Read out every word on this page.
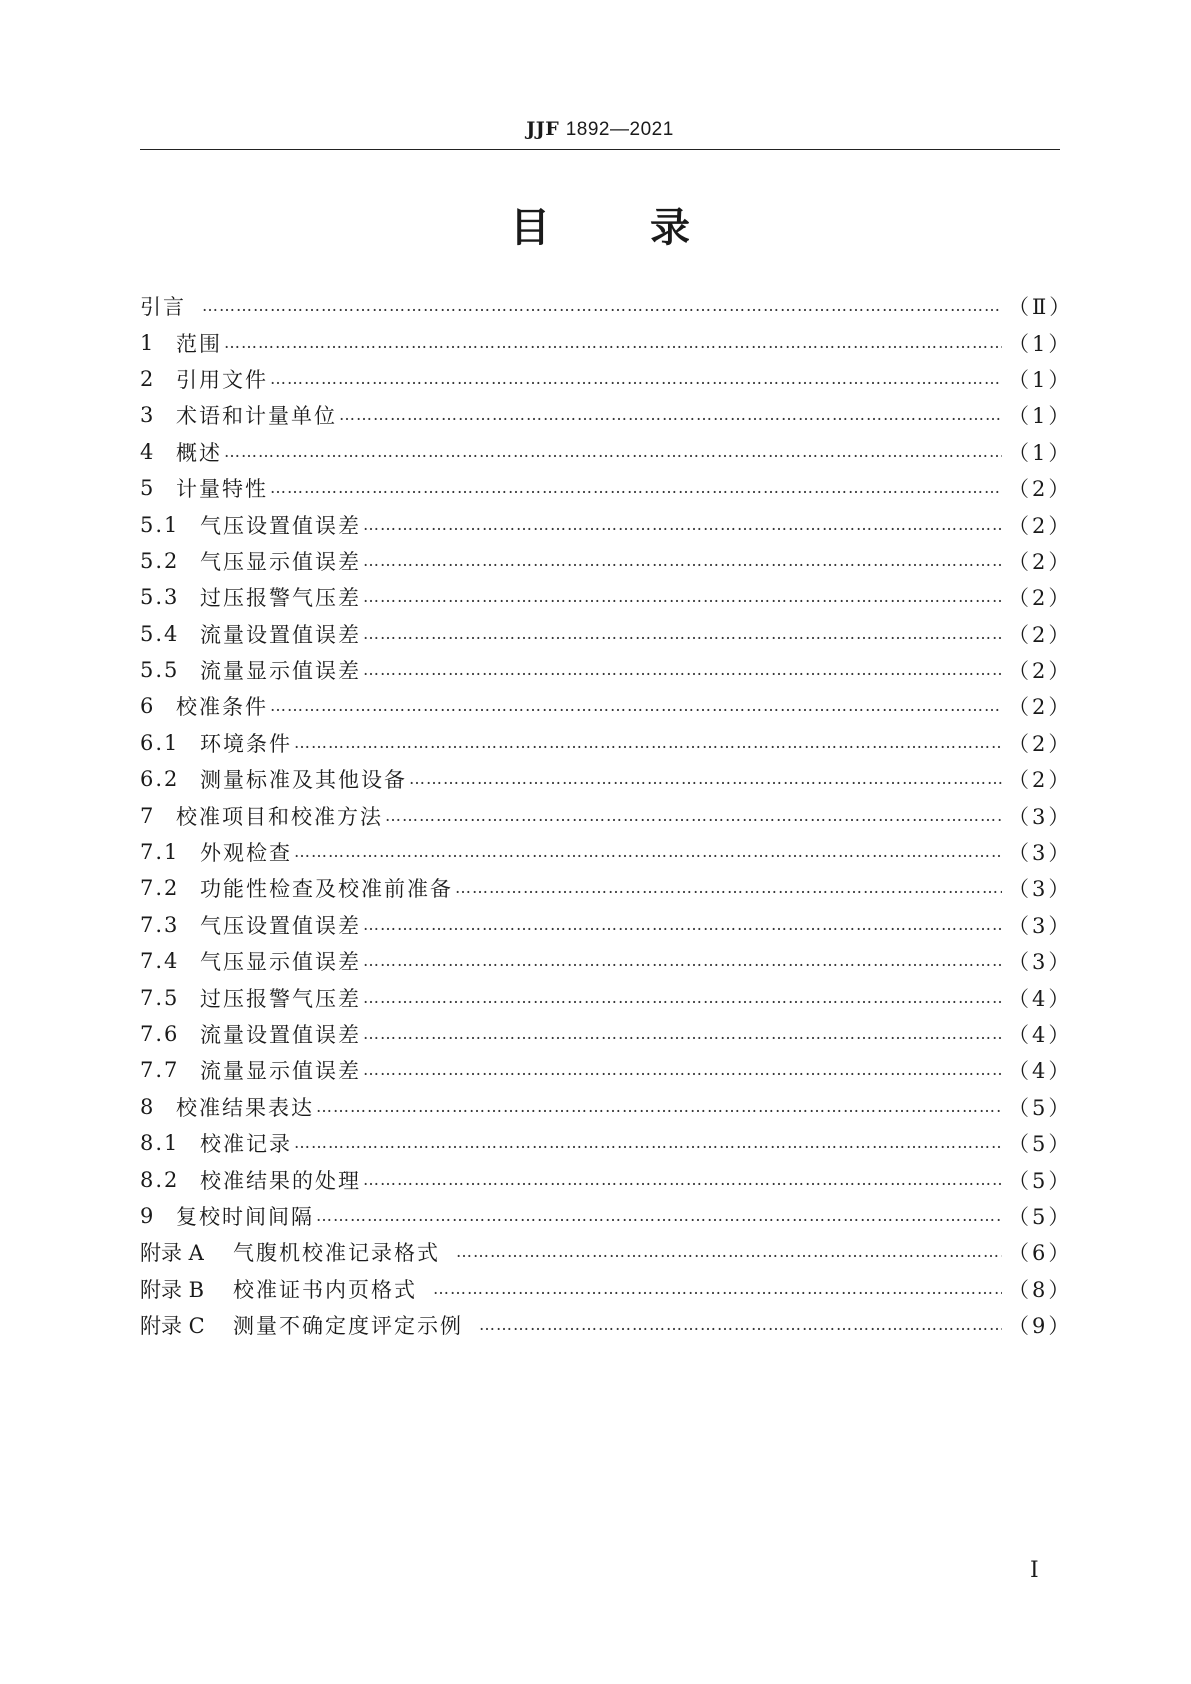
JJF 1892—2021
目	录
引言 ……………………………………………………………………………………………………………………………………………………………………………………………………	（Ⅱ）
1 范围 ……………………………………………………………………………………………………………………………………………………………………………………………………	（1）
2 引用文件 ……………………………………………………………………………………………………………………………………………………………………………………………………	（1）
3 术语和计量单位 ……………………………………………………………………………………………………………………………………………………………………………………………………	（1）
4 概述 ……………………………………………………………………………………………………………………………………………………………………………………………………	（1）
5 计量特性 ……………………………………………………………………………………………………………………………………………………………………………………………………	（2）
5.1 气压设置值误差 ……………………………………………………………………………………………………………………………………………………………………………………………………	（2）
5.2 气压显示值误差 ……………………………………………………………………………………………………………………………………………………………………………………………………	（2）
5.3 过压报警气压差 ……………………………………………………………………………………………………………………………………………………………………………………………………	（2）
5.4 流量设置值误差 ……………………………………………………………………………………………………………………………………………………………………………………………………	（2）
5.5 流量显示值误差 ……………………………………………………………………………………………………………………………………………………………………………………………………	（2）
6 校准条件 ……………………………………………………………………………………………………………………………………………………………………………………………………	（2）
6.1 环境条件 ……………………………………………………………………………………………………………………………………………………………………………………………………	（2）
6.2 测量标准及其他设备 ……………………………………………………………………………………………………………………………………………………………………………………………………	（2）
7 校准项目和校准方法 ……………………………………………………………………………………………………………………………………………………………………………………………………	（3）
7.1 外观检查 ……………………………………………………………………………………………………………………………………………………………………………………………………	（3）
7.2 功能性检查及校准前准备 ……………………………………………………………………………………………………………………………………………………………………………………………………	（3）
7.3 气压设置值误差 ……………………………………………………………………………………………………………………………………………………………………………………………………	（3）
7.4 气压显示值误差 ……………………………………………………………………………………………………………………………………………………………………………………………………	（3）
7.5 过压报警气压差 ……………………………………………………………………………………………………………………………………………………………………………………………………	（4）
7.6 流量设置值误差 ……………………………………………………………………………………………………………………………………………………………………………………………………	（4）
7.7 流量显示值误差 ……………………………………………………………………………………………………………………………………………………………………………………………………	（4）
8 校准结果表达 ……………………………………………………………………………………………………………………………………………………………………………………………………	（5）
8.1 校准记录 ……………………………………………………………………………………………………………………………………………………………………………………………………	（5）
8.2 校准结果的处理 ……………………………………………………………………………………………………………………………………………………………………………………………………	（5）
9 复校时间间隔 ……………………………………………………………………………………………………………………………………………………………………………………………………	（5）
附录 A	气腹机校准记录格式 ……………………………………………………………………………………………………………………………………………………………………………………………………	（6）
附录 B	校准证书内页格式 ……………………………………………………………………………………………………………………………………………………………………………………………………	（8）
附录 C	测量不确定度评定示例 ……………………………………………………………………………………………………………………………………………………………………………………………………	（9）
Ⅰ
